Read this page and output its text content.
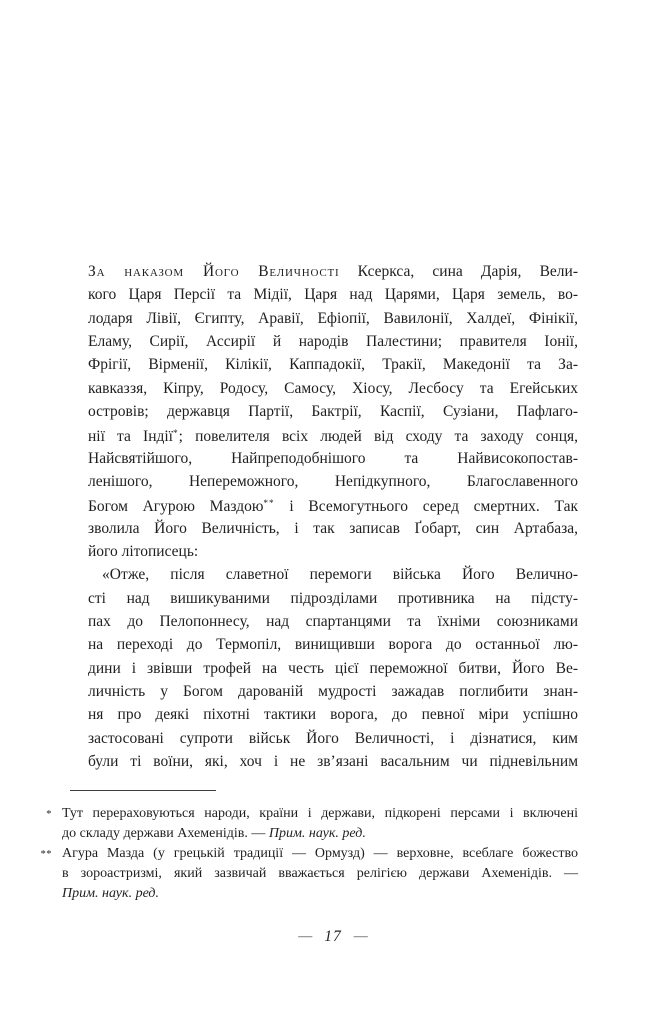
За наказом Його Величності Ксеркса, сина Дарія, Вели-
кого Царя Персії та Мідії, Царя над Царями, Царя земель, во-
лодаря Лівії, Єгипту, Аравії, Ефіопії, Вавилонії, Халдеї, Фінікії,
Еламу, Сирії, Ассирії й народів Палестини; правителя Іонії,
Фрігії, Вірменії, Кілікії, Каппадокії, Тракії, Македонії та За-
кавказзя, Кіпру, Родосу, Самосу, Хіосу, Лесбосу та Егейських
островів; державця Партії, Бактрії, Каспії, Сузіани, Пафлаго-
нії та Індії*; повелителя всіх людей від сходу та заходу сонця,
Найсвятійшого, Найпреподобнішого та Найвисокопостав-
ленішого, Непереможного, Непідкупного, Благославенного
Богом Агурою Маздою** і Всемогутнього серед смертних. Так
зволила Його Величність, і так записав Ґобарт, син Артабаза,
його літописець:
«Отже, після славетної перемоги війська Його Велично-
сті над вишикуваними підрозділами противника на підсту-
пах до Пелопоннесу, над спартанцями та їхніми союзниками
на переході до Термопіл, винищивши ворога до останньої лю-
дини і звівши трофей на честь цієї переможної битви, Його Ве-
личність у Богом дарованій мудрості зажадав поглибити знан-
ня про деякі піхотні тактики ворога, до певної міри успішно
застосовані супроти військ Його Величності, і дізнатися, ким
були ті воїни, які, хоч і не зв’язані васальним чи підневільним
* Тут перераховуються народи, країни і держави, підкорені персами і включені
до складу держави Ахеменідів. — Прим. наук. ред.
** Агура Мазда (у грецькій традиції — Ормузд) — верховне, всеблаге божество
в зороастризмі, який зазвичай вважається релігією держави Ахеменідів. —
Прим. наук. ред.
— 17 —
